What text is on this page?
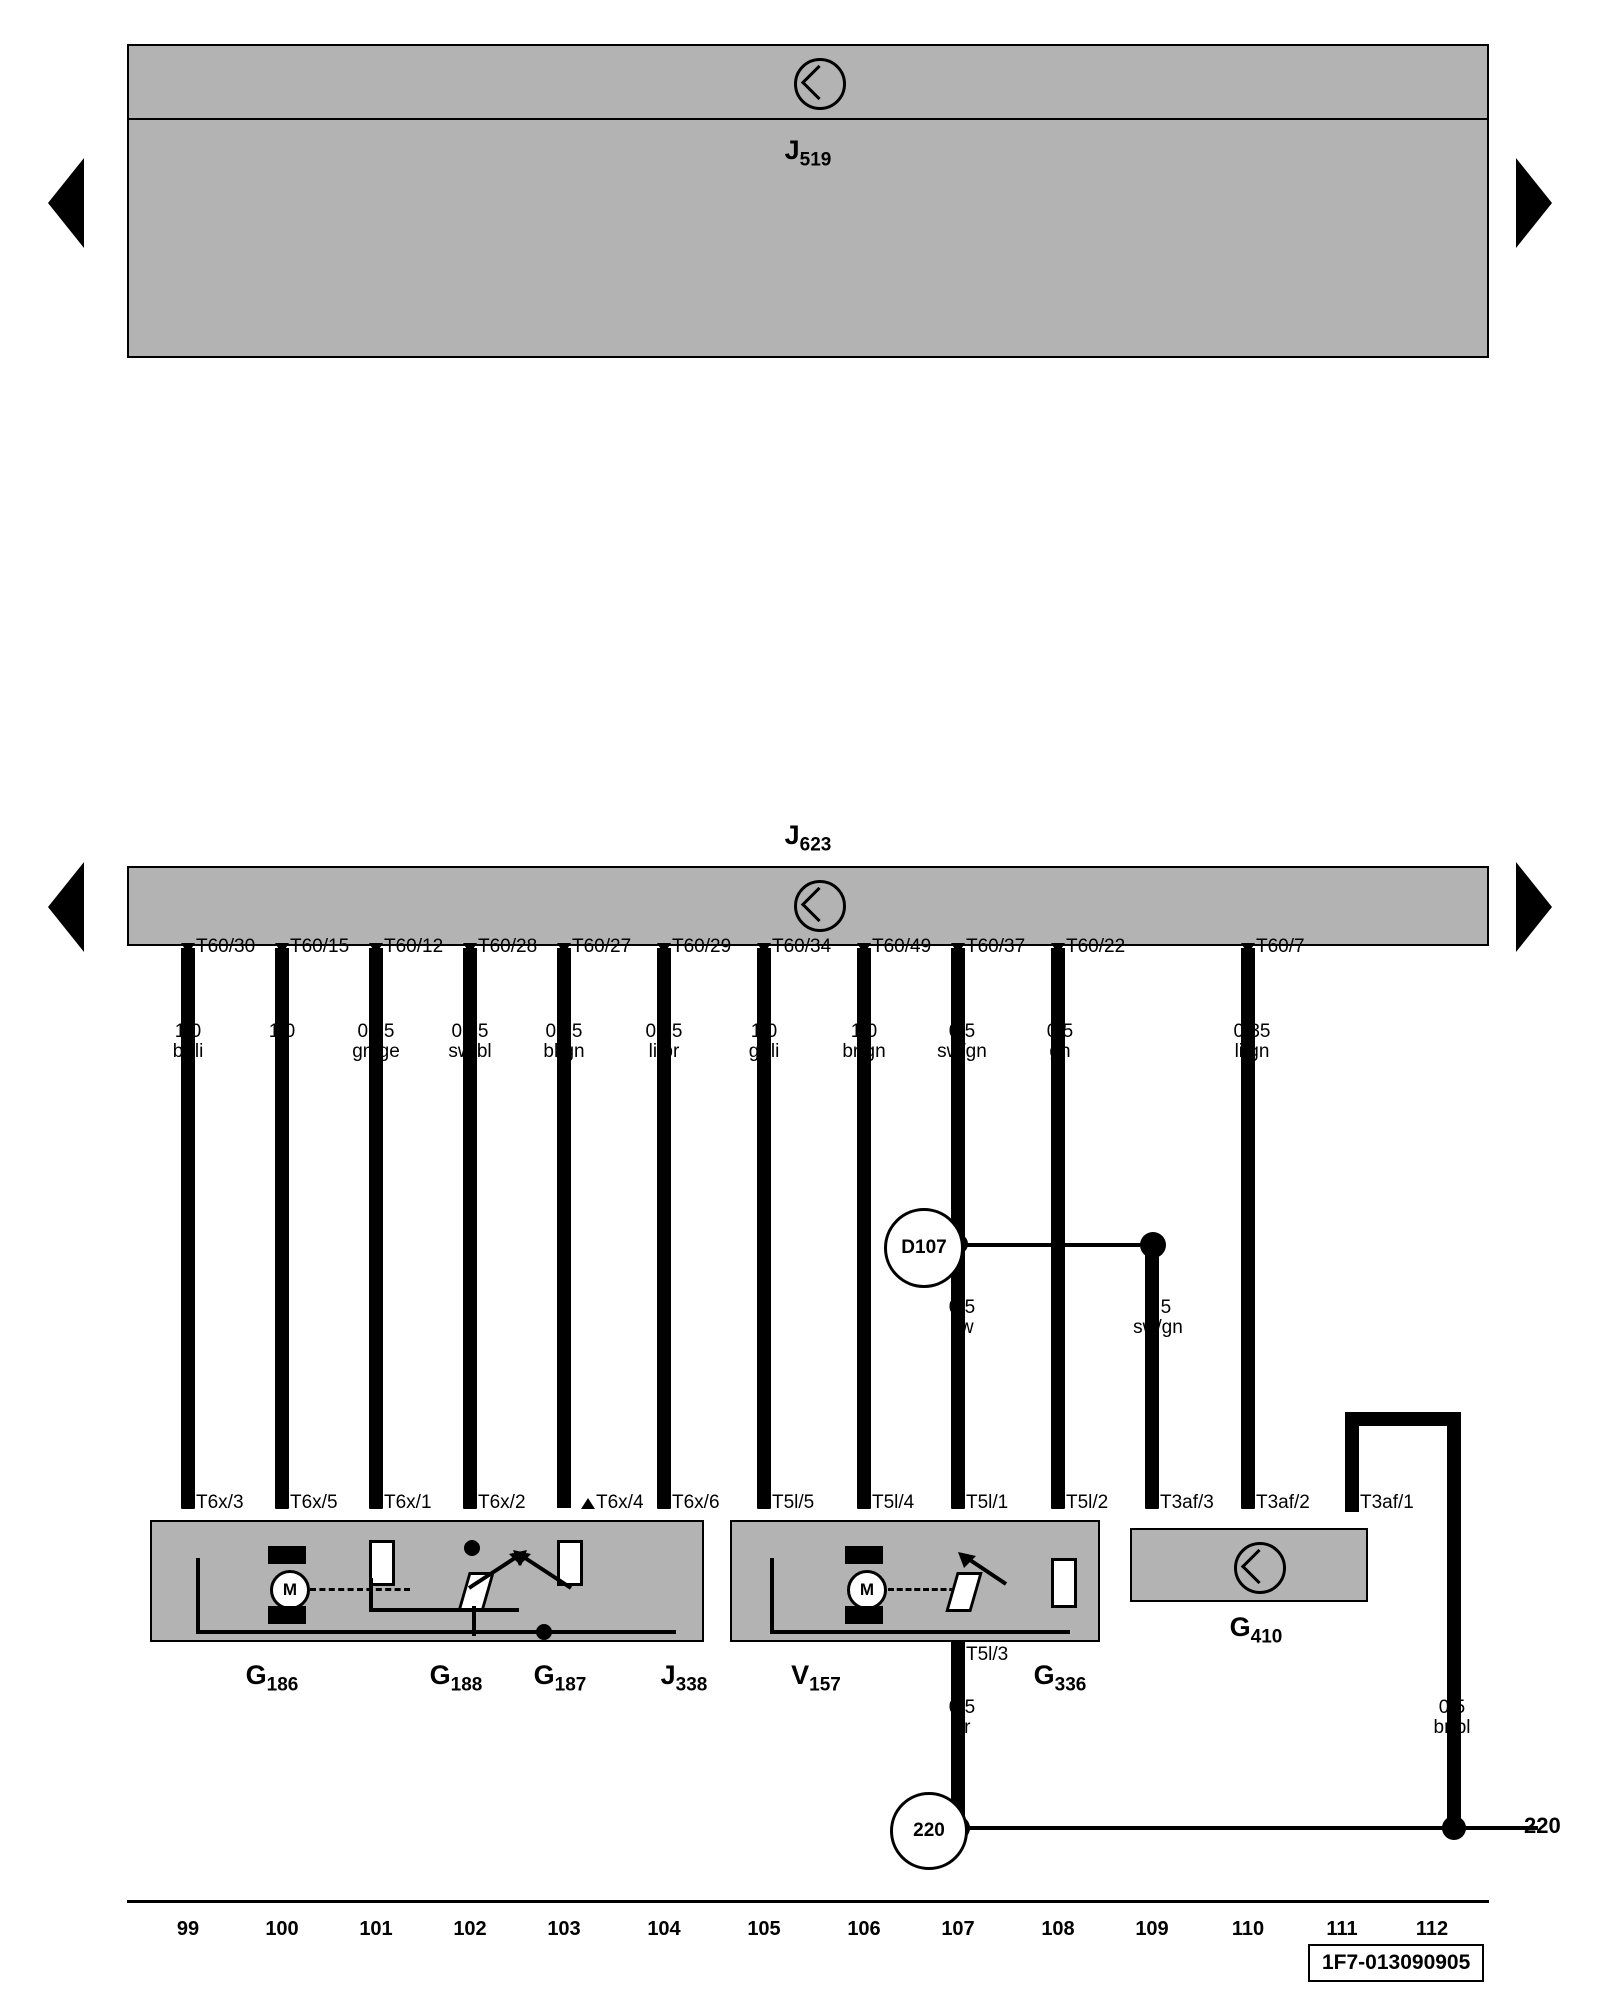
$J_{519}$
$J_{623}$
D107
T60/30 T60/15 T60/12 T60/28 T60/27 T60/29 T60/34 T60/49 T60/37 T60/22	T60/7
1,0
br/li
1,0
li
0,35
gn/ge
0,35
sw/bl
0,35
bl/gn
0,35
li/br
1,0
gr/li
1,0
br/gn
0,5
sw/gn
0,5
gn
0,35
li/gn
0,5
sw
0,5
sw/gn
T6x/3 T6x/5 T6x/1 T6x/2	T6x/4 T6x/6	T5l/5	T5l/4	T5l/1	T5l/2	T3af/3 T3af/2	T3af/1
M	M
$G_{186}$	$G_{188}$ $G_{187}$	$J_{338}$	$V_{157}$	$G_{336}$
$G_{410}$
T5l/3
0,5
br
0,5
br/bl
220	220
99	100	101	102	103	104	105	106	107	108	109	110	111	112
1F7-013090905
